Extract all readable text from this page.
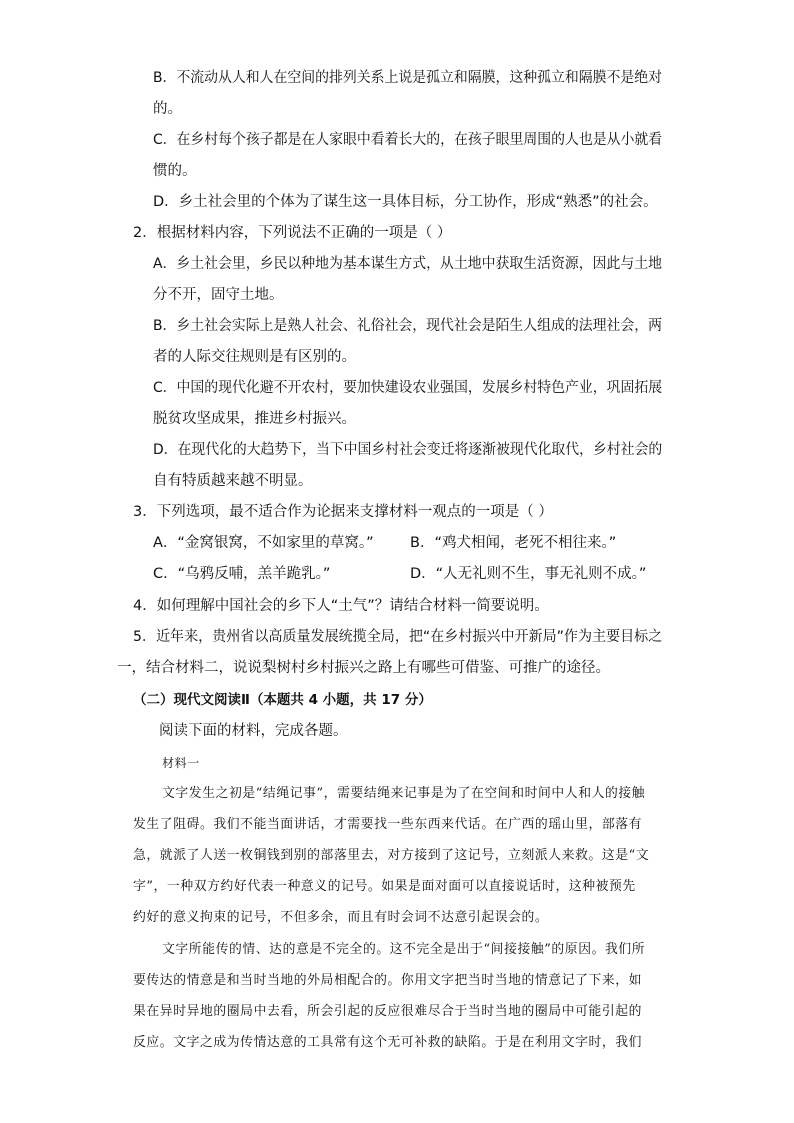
B．不流动从人和人在空间的排列关系上说是孤立和隔膜，这种孤立和隔膜不是绝对
的。
C．在乡村每个孩子都是在人家眼中看着长大的，在孩子眼里周围的人也是从小就看
惯的。
D．乡土社会里的个体为了谋生这一具体目标，分工协作，形成“熟悉”的社会。
2．根据材料内容，下列说法不正确的一项是（ ）
A．乡土社会里，乡民以种地为基本谋生方式，从土地中获取生活资源，因此与土地
分不开，固守土地。
B．乡土社会实际上是熟人社会、礼俗社会，现代社会是陌生人组成的法理社会，两
者的人际交往规则是有区别的。
C．中国的现代化避不开农村，要加快建设农业强国，发展乡村特色产业，巩固拓展
脱贫攻坚成果，推进乡村振兴。
D．在现代化的大趋势下，当下中国乡村社会变迁将逐渐被现代化取代，乡村社会的
自有特质越来越不明显。
3．下列选项，最不适合作为论据来支撑材料一观点的一项是（ ）
A．“金窝银窝，不如家里的草窝。”	B．“鸡犬相闻，老死不相往来。”
C．“乌鸦反哺，羔羊跪乳。”	D．“人无礼则不生，事无礼则不成。”
4．如何理解中国社会的乡下人“土气”？请结合材料一简要说明。
5．近年来，贵州省以高质量发展统揽全局，把“在乡村振兴中开新局”作为主要目标之
一，结合材料二，说说梨树村乡村振兴之路上有哪些可借鉴、可推广的途径。
（二）现代文阅读Ⅱ（本题共 4 小题，共 17 分）
阅读下面的材料，完成各题。
材料一
文字发生之初是“结绳记事”，需要结绳来记事是为了在空间和时间中人和人的接触
发生了阻碍。我们不能当面讲话，才需要找一些东西来代话。在广西的瑶山里，部落有
急，就派了人送一枚铜钱到别的部落里去，对方接到了这记号，立刻派人来救。这是“文
字”，一种双方约好代表一种意义的记号。如果是面对面可以直接说话时，这种被预先
约好的意义拘束的记号，不但多余，而且有时会词不达意引起误会的。
文字所能传的情、达的意是不完全的。这不完全是出于“间接接触”的原因。我们所
要传达的情意是和当时当地的外局相配合的。你用文字把当时当地的情意记了下来，如
果在异时异地的圈局中去看，所会引起的反应很难尽合于当时当地的圈局中可能引起的
反应。文字之成为传情达意的工具常有这个无可补救的缺陷。于是在利用文字时，我们
